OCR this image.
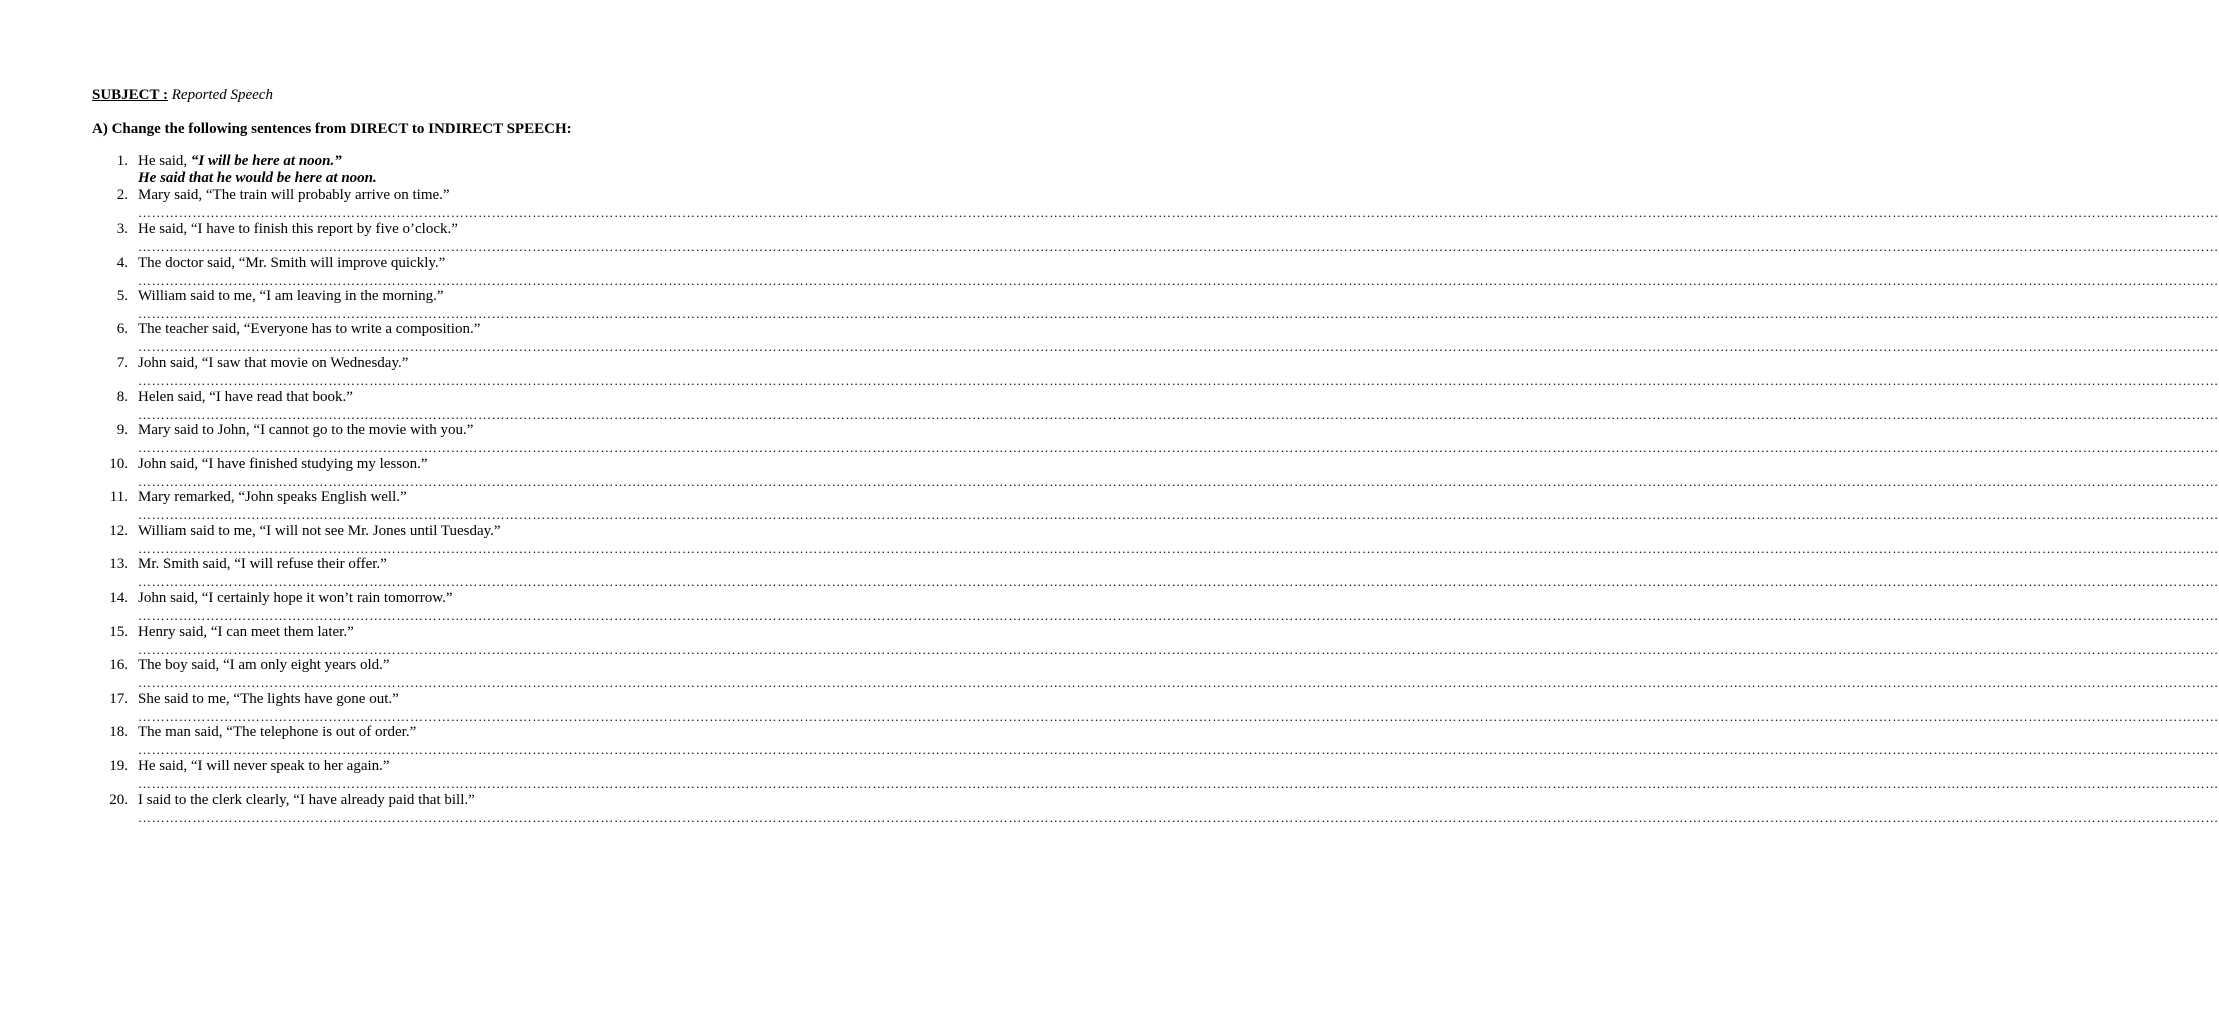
SUBJECT : Reported Speech
A) Change the following sentences from DIRECT to INDIRECT SPEECH:
1. He said, “I will be here at noon.”
He said that he would be here at noon.
2. Mary said, “The train will probably arrive on time.”
………………………………………………………………………………………………………………………………………………………………………………………………………………………………………………………………………………………………………………………………………………………………………………………………………………………
3. He said, “I have to finish this report by five o’clock.”
………………………………………………………………………………………………………………………………………………………………………………………………………………………………………………………………………………………………………………………………………………………………………………………………………………………
4. The doctor said, “Mr. Smith will improve quickly.”
………………………………………………………………………………………………………………………………………………………………………………………………………………………………………………………………………………………………………………………………………………………………………………………………………………………
5. William said to me, “I am leaving in the morning.”
………………………………………………………………………………………………………………………………………………………………………………………………………………………………………………………………………………………………………………………………………………………………………………………………………………………
6. The teacher said, “Everyone has to write a composition.”
………………………………………………………………………………………………………………………………………………………………………………………………………………………………………………………………………………………………………………………………………………………………………………………………………………………
7. John said, “I saw that movie on Wednesday.”
………………………………………………………………………………………………………………………………………………………………………………………………………………………………………………………………………………………………………………………………………………………………………………………………………………………
8. Helen said, “I have read that book.”
………………………………………………………………………………………………………………………………………………………………………………………………………………………………………………………………………………………………………………………………………………………………………………………………………………………
9. Mary said to John, “I cannot go to the movie with you.”
………………………………………………………………………………………………………………………………………………………………………………………………………………………………………………………………………………………………………………………………………………………………………………………………………………………
10. John said, “I have finished studying my lesson.”
………………………………………………………………………………………………………………………………………………………………………………………………………………………………………………………………………………………………………………………………………………………………………………………………………………………
11. Mary remarked, “John speaks English well.”
………………………………………………………………………………………………………………………………………………………………………………………………………………………………………………………………………………………………………………………………………………………………………………………………………………………
12. William said to me, “I will not see Mr. Jones until Tuesday.”
………………………………………………………………………………………………………………………………………………………………………………………………………………………………………………………………………………………………………………………………………………………………………………………………………………………
13. Mr. Smith said, “I will refuse their offer.”
………………………………………………………………………………………………………………………………………………………………………………………………………………………………………………………………………………………………………………………………………………………………………………………………………………………
14. John said, “I certainly hope it won’t rain tomorrow.”
………………………………………………………………………………………………………………………………………………………………………………………………………………………………………………………………………………………………………………………………………………………………………………………………………………………
15. Henry said, “I can meet them later.”
………………………………………………………………………………………………………………………………………………………………………………………………………………………………………………………………………………………………………………………………………………………………………………………………………………………
16. The boy said, “I am only eight years old.”
………………………………………………………………………………………………………………………………………………………………………………………………………………………………………………………………………………………………………………………………………………………………………………………………………………………
17. She said to me, “The lights have gone out.”
………………………………………………………………………………………………………………………………………………………………………………………………………………………………………………………………………………………………………………………………………………………………………………………………………………………
18. The man said, “The telephone is out of order.”
………………………………………………………………………………………………………………………………………………………………………………………………………………………………………………………………………………………………………………………………………………………………………………………………………………………
19. He said, “I will never speak to her again.”
………………………………………………………………………………………………………………………………………………………………………………………………………………………………………………………………………………………………………………………………………………………………………………………………………………………
20. I said to the clerk clearly, “I have already paid that bill.”
………………………………………………………………………………………………………………………………………………………………………………………………………………………………………………………………………………………………………………………………………………………………………………………………………………………
